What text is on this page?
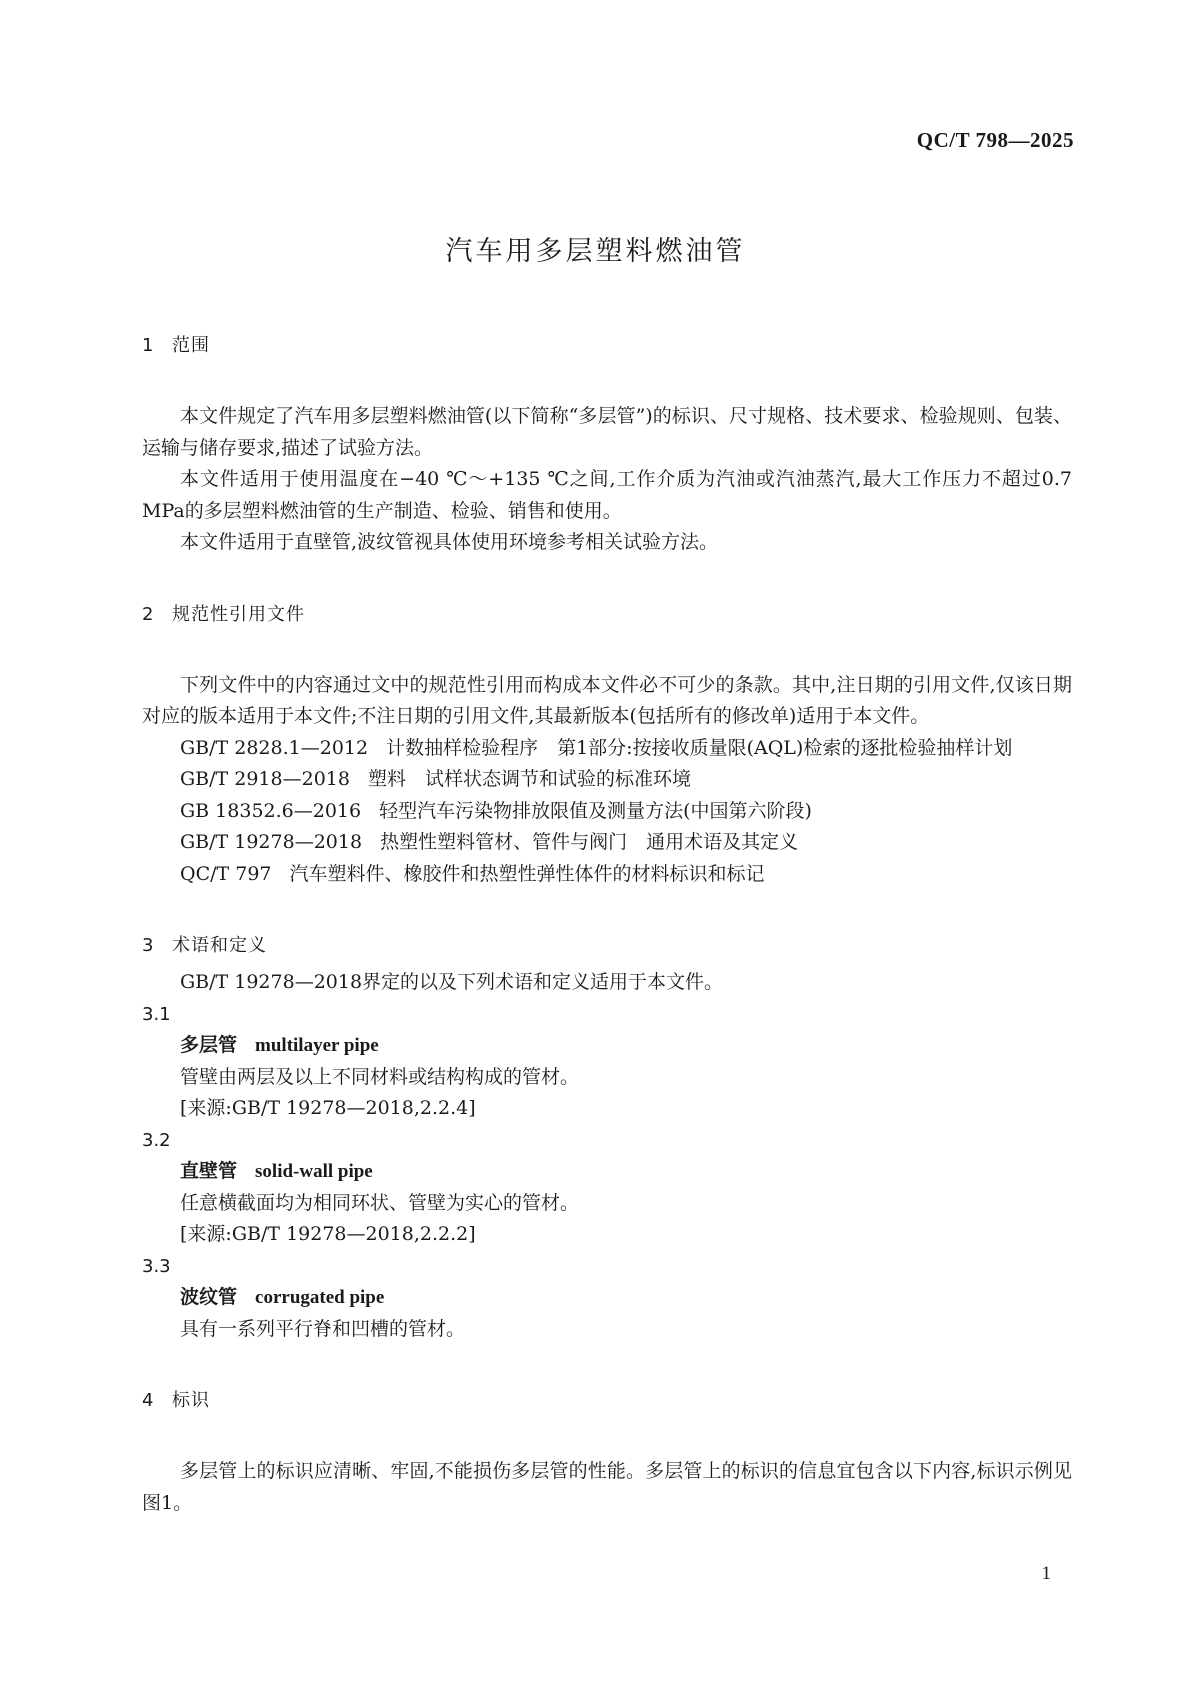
QC/T 798—2025
汽车用多层塑料燃油管
1 范围

本文件规定了汽车用多层塑料燃油管(以下简称“多层管”)的标识、尺寸规格、技术要求、检验规则、包装、运输与储存要求,描述了试验方法。

本文件适用于使用温度在−40 ℃～+135 ℃之间,工作介质为汽油或汽油蒸汽,最大工作压力不超过0.7 MPa的多层塑料燃油管的生产制造、检验、销售和使用。

本文件适用于直壁管,波纹管视具体使用环境参考相关试验方法。

2 规范性引用文件

下列文件中的内容通过文中的规范性引用而构成本文件必不可少的条款。其中,注日期的引用文件,仅该日期对应的版本适用于本文件;不注日期的引用文件,其最新版本(包括所有的修改单)适用于本文件。

GB/T 2828.1—2012 计数抽样检验程序　第1部分:按接收质量限(AQL)检索的逐批检验抽样计划

GB/T 2918—2018 塑料　试样状态调节和试验的标准环境

GB 18352.6—2016 轻型汽车污染物排放限值及测量方法(中国第六阶段)

GB/T 19278—2018 热塑性塑料管材、管件与阀门　通用术语及其定义

QC/T 797 汽车塑料件、橡胶件和热塑性弹性体件的材料标识和标记

3 术语和定义

GB/T 19278—2018界定的以及下列术语和定义适用于本文件。

3.1

多层管 multilayer pipe

管壁由两层及以上不同材料或结构构成的管材。

[来源:GB/T 19278—2018,2.2.4]

3.2

直壁管 solid-wall pipe

任意横截面均为相同环状、管壁为实心的管材。

[来源:GB/T 19278—2018,2.2.2]

3.3

波纹管 corrugated pipe

具有一系列平行脊和凹槽的管材。

4 标识

多层管上的标识应清晰、牢固,不能损伤多层管的性能。多层管上的标识的信息宜包含以下内容,标识示例见图1。

1
